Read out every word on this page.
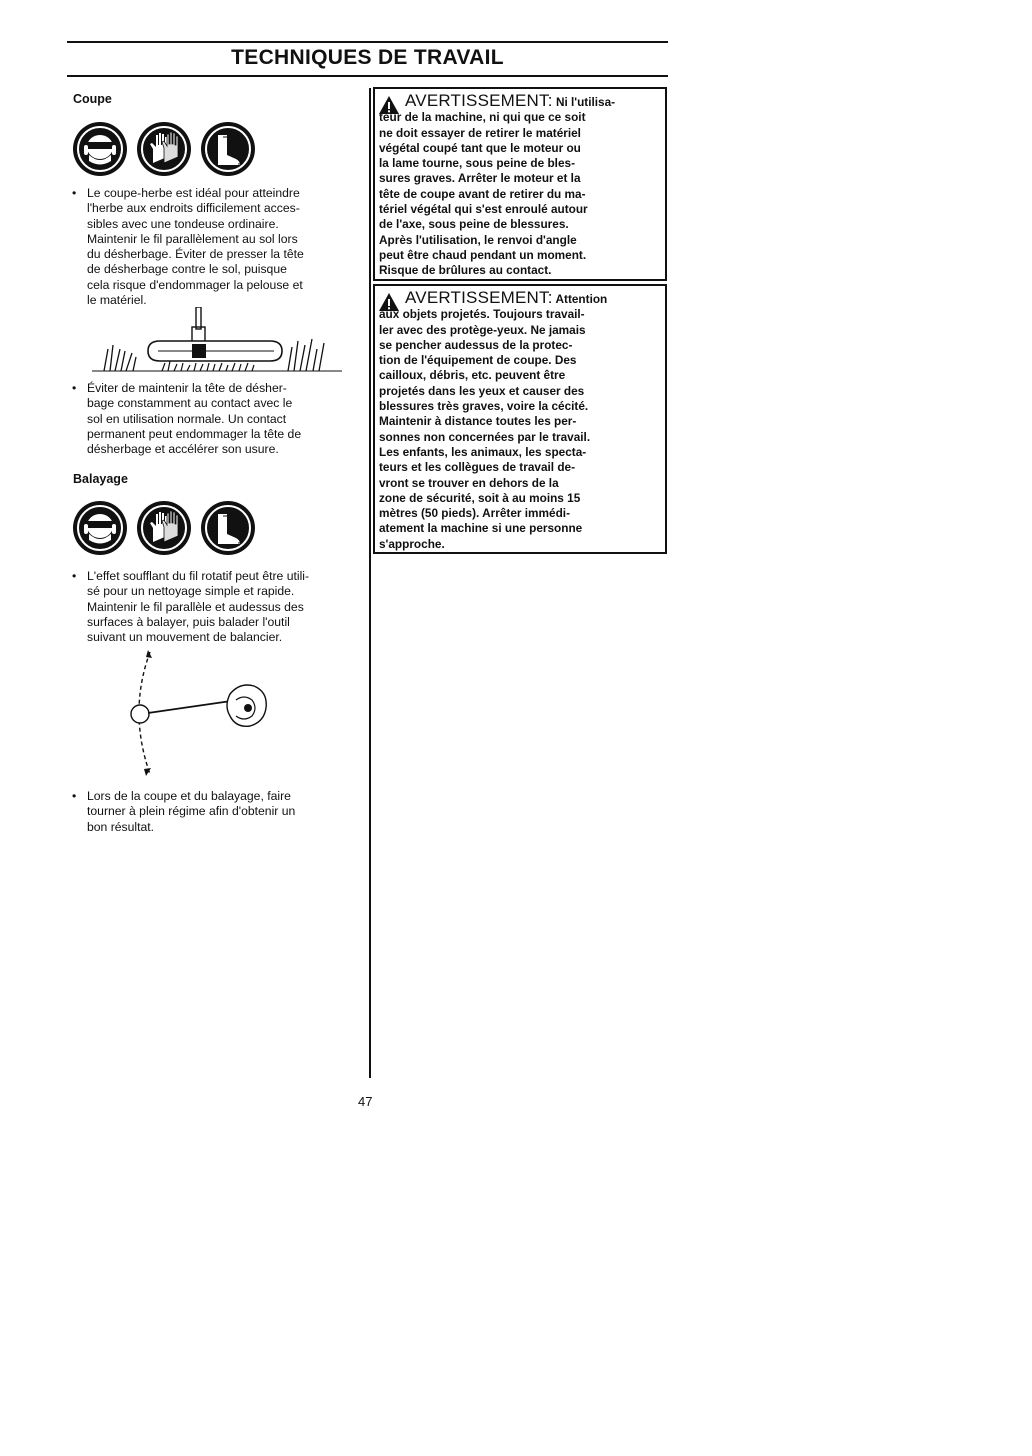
TECHNIQUES DE TRAVAIL
Coupe
• Le coupe-herbe est idéal pour atteindre
l'herbe aux endroits difficilement acces-
sibles avec une tondeuse ordinaire.
Maintenir le fil parallèlement au sol lors
du désherbage. Éviter de presser la tête
de désherbage contre le sol, puisque
cela risque d'endommager la pelouse et
le matériel.
• Éviter de maintenir la tête de désher-
bage constamment au contact avec le
sol en utilisation normale. Un contact
permanent peut endommager la tête de
désherbage et accélérer son usure.
Balayage
• L'effet soufflant du fil rotatif peut être utili-
sé pour un nettoyage simple et rapide.
Maintenir le fil parallèle et audessus des
surfaces à balayer, puis balader l'outil
suivant un mouvement de balancier.
• Lors de la coupe et du balayage, faire
tourner à plein régime afin d'obtenir un
bon résultat.
AVERTISSEMENT: Ni l'utilisa-
teur de la machine, ni qui que ce soit
ne doit essayer de retirer le matériel
végétal coupé tant que le moteur ou
la lame tourne, sous peine de bles-
sures graves. Arrêter le moteur et la
tête de coupe avant de retirer du ma-
tériel végétal qui s'est enroulé autour
de l'axe, sous peine de blessures.
Après l'utilisation, le renvoi d'angle
peut être chaud pendant un moment.
Risque de brûlures au contact.
AVERTISSEMENT: Attention
aux objets projetés. Toujours travail-
ler avec des protège-yeux. Ne jamais
se pencher audessus de la protec-
tion de l'équipement de coupe. Des
cailloux, débris, etc. peuvent être
projetés dans les yeux et causer des
blessures très graves, voire la cécité.
Maintenir à distance toutes les per-
sonnes non concernées par le travail.
Les enfants, les animaux, les specta-
teurs et les collègues de travail de-
vront se trouver en dehors de la
zone de sécurité, soit à au moins 15
mètres (50 pieds). Arrêter immédi-
atement la machine si une personne
s'approche.
47
